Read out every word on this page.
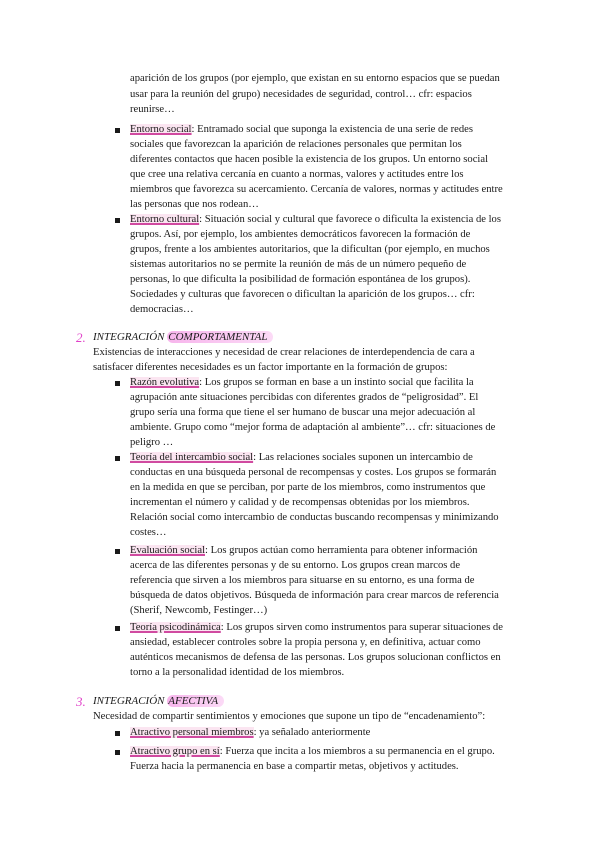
aparición de los grupos (por ejemplo, que existan en su entorno espacios que se puedan
usar para la reunión del grupo) necesidades de seguridad, control… cfr: espacios
reunirse…
Entorno social: Entramado social que suponga la existencia de una serie de redes
sociales que favorezcan la aparición de relaciones personales que permitan los
diferentes contactos que hacen posible la existencia de los grupos. Un entorno social
que cree una relativa cercanía en cuanto a normas, valores y actitudes entre los
miembros que favorezca su acercamiento. Cercanía de valores, normas y actitudes entre
las personas que nos rodean…
Entorno cultural: Situación social y cultural que favorece o dificulta la existencia de los
grupos. Así, por ejemplo, los ambientes democráticos favorecen la formación de
grupos, frente a los ambientes autoritarios, que la dificultan (por ejemplo, en muchos
sistemas autoritarios no se permite la reunión de más de un número pequeño de
personas, lo que dificulta la posibilidad de formación espontánea de los grupos).
Sociedades y culturas que favorecen o dificultan la aparición de los grupos… cfr:
democracias…
2. INTEGRACIÓN COMPORTAMENTAL
Existencias de interacciones y necesidad de crear relaciones de interdependencia de cara a
satisfacer diferentes necesidades es un factor importante en la formación de grupos:
Razón evolutiva: Los grupos se forman en base a un instinto social que facilita la
agrupación ante situaciones percibidas con diferentes grados de “peligrosidad”. El
grupo sería una forma que tiene el ser humano de buscar una mejor adecuación al
ambiente. Grupo como “mejor forma de adaptación al ambiente”… cfr: situaciones de
peligro …
Teoría del intercambio social: Las relaciones sociales suponen un intercambio de
conductas en una búsqueda personal de recompensas y costes. Los grupos se formarán
en la medida en que se perciban, por parte de los miembros, como instrumentos que
incrementan el número y calidad y de recompensas obtenidas por los miembros.
Relación social como intercambio de conductas buscando recompensas y minimizando
costes…
Evaluación social: Los grupos actúan como herramienta para obtener información
acerca de las diferentes personas y de su entorno. Los grupos crean marcos de
referencia que sirven a los miembros para situarse en su entorno, es una forma de
búsqueda de datos objetivos. Búsqueda de información para crear marcos de referencia
(Sherif, Newcomb, Festinger…)
Teoría psicodinámica: Los grupos sirven como instrumentos para superar situaciones de
ansiedad, establecer controles sobre la propia persona y, en definitiva, actuar como
auténticos mecanismos de defensa de las personas. Los grupos solucionan conflictos en
torno a la personalidad identidad de los miembros.
3. INTEGRACIÓN AFECTIVA
Necesidad de compartir sentimientos y emociones que supone un tipo de “encadenamiento”:
Atractivo personal miembros: ya señalado anteriormente
Atractivo grupo en sí: Fuerza que incita a los miembros a su permanencia en el grupo.
Fuerza hacia la permanencia en base a compartir metas, objetivos y actitudes.
